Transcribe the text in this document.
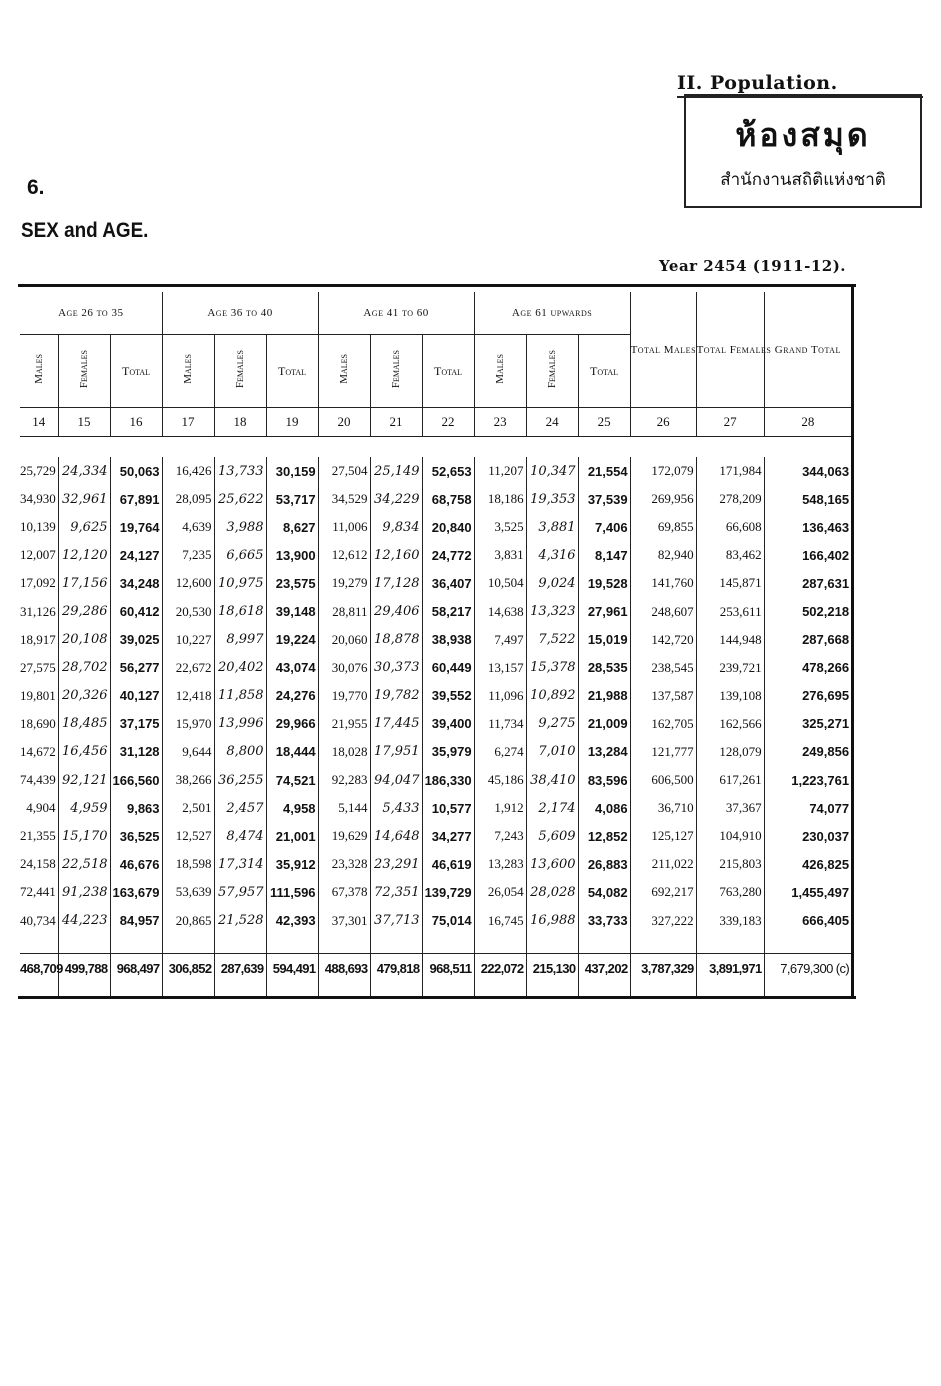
II. Population.
ห้องสมุด
สำนักงานสถิติแห่งชาติ
6.
SEX and AGE.
Year 2454 (1911-12).
Age 26 to 35			Age 36 to 40			Age 41 to 60			Age 61 upwards			Total Males	Total Females	Grand Total
Males	Females	Total	Males	Females	Total	Males	Females	Total	Males	Females	Total			
14	15	16	17	18	19	20	21	22	23	24	25	26	27	28

25,729	24,334	50,063	16,426	13,733	30,159	27,504	25,149	52,653	11,207	10,347	21,554	172,079	171,984	344,063
34,930	32,961	67,891	28,095	25,622	53,717	34,529	34,229	68,758	18,186	19,353	37,539	269,956	278,209	548,165
10,139	9,625	19,764	4,639	3,988	8,627	11,006	9,834	20,840	3,525	3,881	7,406	69,855	66,608	136,463
12,007	12,120	24,127	7,235	6,665	13,900	12,612	12,160	24,772	3,831	4,316	8,147	82,940	83,462	166,402
17,092	17,156	34,248	12,600	10,975	23,575	19,279	17,128	36,407	10,504	9,024	19,528	141,760	145,871	287,631
31,126	29,286	60,412	20,530	18,618	39,148	28,811	29,406	58,217	14,638	13,323	27,961	248,607	253,611	502,218
18,917	20,108	39,025	10,227	8,997	19,224	20,060	18,878	38,938	7,497	7,522	15,019	142,720	144,948	287,668
27,575	28,702	56,277	22,672	20,402	43,074	30,076	30,373	60,449	13,157	15,378	28,535	238,545	239,721	478,266
19,801	20,326	40,127	12,418	11,858	24,276	19,770	19,782	39,552	11,096	10,892	21,988	137,587	139,108	276,695
18,690	18,485	37,175	15,970	13,996	29,966	21,955	17,445	39,400	11,734	9,275	21,009	162,705	162,566	325,271
14,672	16,456	31,128	9,644	8,800	18,444	18,028	17,951	35,979	6,274	7,010	13,284	121,777	128,079	249,856
74,439	92,121	166,560	38,266	36,255	74,521	92,283	94,047	186,330	45,186	38,410	83,596	606,500	617,261	1,223,761
4,904	4,959	9,863	2,501	2,457	4,958	5,144	5,433	10,577	1,912	2,174	4,086	36,710	37,367	74,077
21,355	15,170	36,525	12,527	8,474	21,001	19,629	14,648	34,277	7,243	5,609	12,852	125,127	104,910	230,037
24,158	22,518	46,676	18,598	17,314	35,912	23,328	23,291	46,619	13,283	13,600	26,883	211,022	215,803	426,825
72,441	91,238	163,679	53,639	57,957	111,596	67,378	72,351	139,729	26,054	28,028	54,082	692,217	763,280	1,455,497
40,734	44,223	84,957	20,865	21,528	42,393	37,301	37,713	75,014	16,745	16,988	33,733	327,222	339,183	666,405

468,709	499,788	968,497	306,852	287,639	594,491	488,693	479,818	968,511	222,072	215,130	437,202	3,787,329	3,891,971	7,679,300 (c)
